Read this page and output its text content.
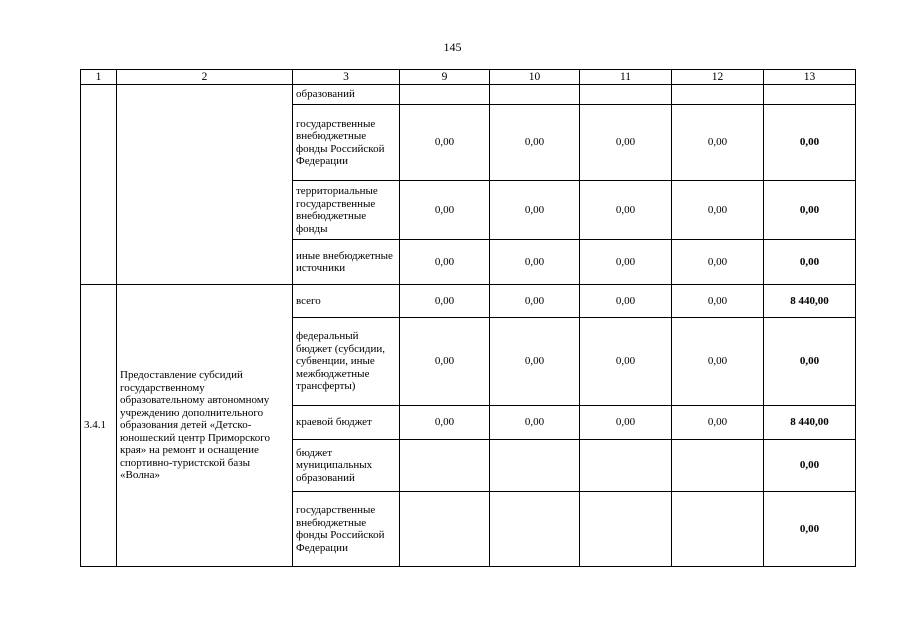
145
1	2	3	9	10	11	12	13
		образований					
		государственные внебюджетные фонды Российской Федерации	0,00	0,00	0,00	0,00	0,00
		территориальные государственные внебюджетные фонды	0,00	0,00	0,00	0,00	0,00
		иные внебюджетные источники	0,00	0,00	0,00	0,00	0,00
3.4.1	Предоставление субсидий государственному образовательному автономному учреждению дополнительного образования детей «Детско-юношеский центр Приморского края» на ремонт и оснащение спортивно-туристской базы «Волна»	всего	0,00	0,00	0,00	0,00	8 440,00
		федеральный бюджет (субсидии, субвенции, иные межбюджетные трансферты)	0,00	0,00	0,00	0,00	0,00
		краевой бюджет	0,00	0,00	0,00	0,00	8 440,00
		бюджет муниципальных образований					0,00
		государственные внебюджетные фонды Российской Федерации					0,00
